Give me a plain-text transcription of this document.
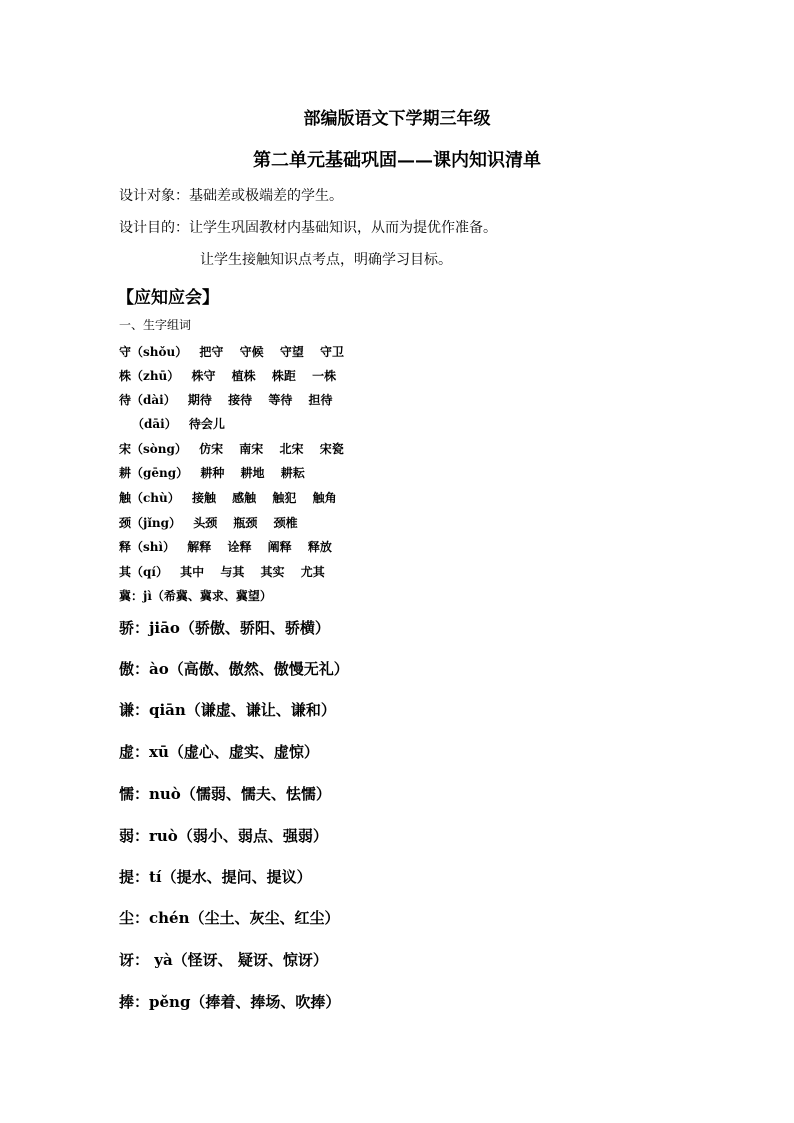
部编版语文下学期三年级
第二单元基础巩固——课内知识清单
设计对象：基础差或极端差的学生。
设计目的：让学生巩固教材内基础知识，从而为提优作准备。
让学生接触知识点考点，明确学习目标。
【应知应会】
一、生字组词
守（shǒu） 把守 守候 守望 守卫
株（zhū） 株守 植株 株距 一株
待（dài） 期待 接待 等待 担待
（dāi） 待会儿
宋（sòng） 仿宋 南宋 北宋 宋瓷
耕（gēng） 耕种 耕地 耕耘
触（chù） 接触 感触 触犯 触角
颈（jǐng） 头颈 瓶颈 颈椎
释（shì） 解释 诠释 阐释 释放
其（qí） 其中 与其 其实 尤其
冀：jì（希冀、冀求、冀望）
骄：jiāo（骄傲、骄阳、骄横）
傲：ào（高傲、傲然、傲慢无礼）
谦：qiān（谦虚、谦让、谦和）
虚：xū（虚心、虚实、虚惊）
懦：nuò（懦弱、懦夫、怯懦）
弱：ruò（弱小、弱点、强弱）
提：tí（提水、提问、提议）
尘：chén（尘土、灰尘、红尘）
讶： yà（怪讶、 疑讶、惊讶）
捧：pěng（捧着、捧场、吹捧）
